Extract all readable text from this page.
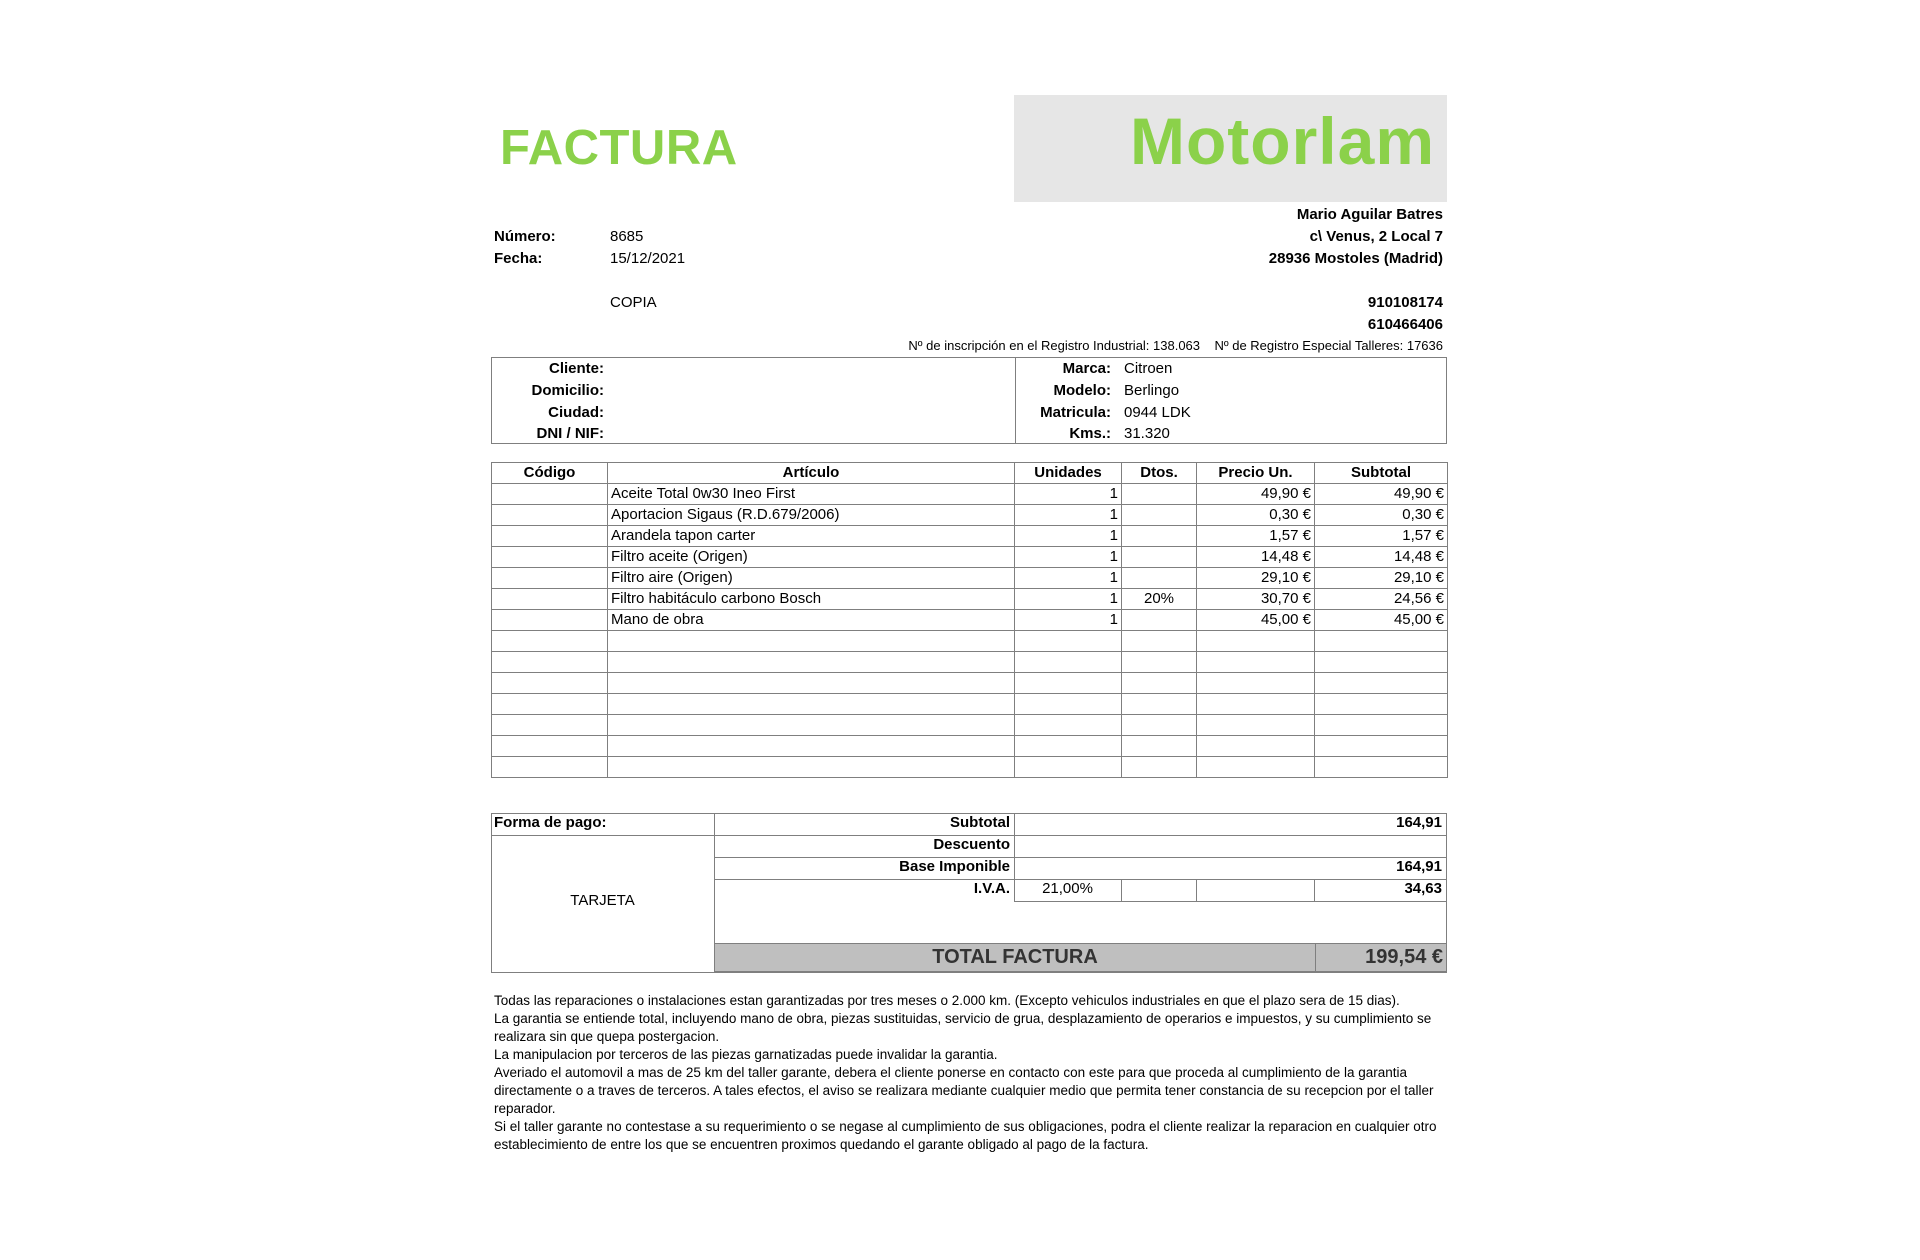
FACTURA	Motorlam
Número:	8685
Fecha:	15/12/2021
COPIA
Mario Aguilar Batres
c\ Venus, 2 Local 7
28936 Mostoles (Madrid)
910108174
610466406
Nº de inscripción en el Registro Industrial: 138.063    Nº de Registro Especial Talleres: 17636
Cliente:
Domicilio:
Ciudad:
DNI / NIF:
Marca: Citroen
Modelo: Berlingo
Matricula: 0944 LDK
Kms.: 31.320
Código	Artículo	Unidades	Dtos.	Precio Un.	Subtotal
	Aceite Total 0w30 Ineo First	1		49,90 €	49,90 €
	Aportacion Sigaus (R.D.679/2006)	1		0,30 €	0,30 €
	Arandela tapon carter	1		1,57 €	1,57 €
	Filtro aceite (Origen)	1		14,48 €	14,48 €
	Filtro aire (Origen)	1		29,10 €	29,10 €
	Filtro habitáculo carbono Bosch	1	20%	30,70 €	24,56 €
	Mano de obra	1		45,00 €	45,00 €

Forma de pago:
TARJETA
Subtotal	164,91
Descuento
Base Imponible	164,91
I.V.A.	21,00%	34,63
TOTAL FACTURA	199,54 €

Todas las reparaciones o instalaciones estan garantizadas por tres meses o 2.000 km. (Excepto vehiculos industriales en que el plazo sera de 15 dias).

La garantia se entiende total, incluyendo mano de obra, piezas sustituidas, servicio de grua, desplazamiento de operarios e impuestos, y su cumplimiento se realizara sin que quepa postergacion.

La manipulacion por terceros de las piezas garnatizadas puede invalidar la garantia.

Averiado el automovil a mas de 25 km del taller garante, debera el cliente ponerse en contacto con este para que proceda al cumplimiento de la garantia directamente o a traves de terceros. A tales efectos, el aviso se realizara mediante cualquier medio que permita tener constancia de su recepcion por el taller reparador.

Si el taller garante no contestase a su requerimiento o se negase al cumplimiento de sus obligaciones, podra el cliente realizar la reparacion en cualquier otro establecimiento de entre los que se encuentren proximos quedando el garante obligado al pago de la factura.
